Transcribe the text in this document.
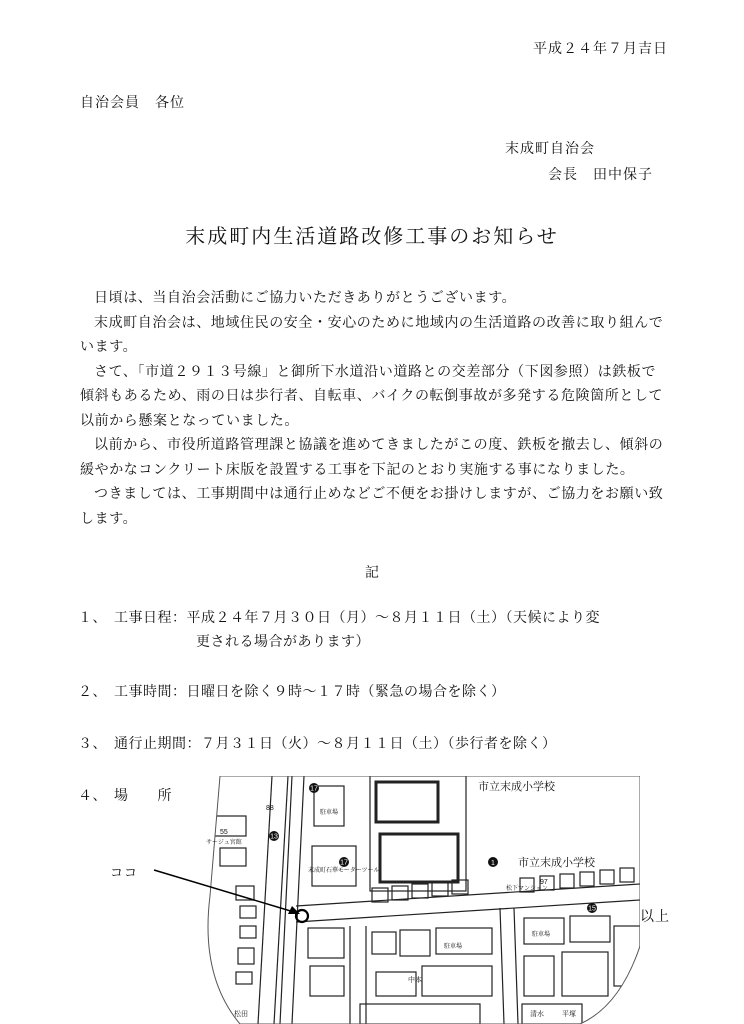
平成２４年７月吉日
自治会員　各位
末成町自治会
会長　田中保子
末成町内生活道路改修工事のお知らせ

日頃は、当自治会活動にご協力いただきありがとうございます。

末成町自治会は、地域住民の安全・安心のために地域内の生活道路の改善に取り組んでいます。

さて、「市道２９１３号線」と御所下水道沿い道路との交差部分（下図参照）は鉄板で傾斜もあるため、雨の日は歩行者、自転車、バイクの転倒事故が多発する危険箇所として以前から懸案となっていました。

以前から、市役所道路管理課と協議を進めてきましたがこの度、鉄板を撤去し、傾斜の緩やかなコンクリート床版を設置する工事を下記のとおり実施する事になりました。

つきましては、工事期間中は通行止めなどご不便をお掛けしますが、ご協力をお願い致します。

記
１、 工事日程：平成２４年７月３０日（月）～８月１１日（土）（天候により変
更される場合があります）
２、 工事時間：日曜日を除く９時～１７時（緊急の場合を除く）
３、 通行止期間：７月３１日（火）～８月１１日（土）（歩行者を除く）
４、 場　　所
ココ
1
市立末成小学校
市立末成小学校
サージュ宮館
松下マンション
末成町石華モーターツール
中本
清水	平塚
松田
駐車場
駐車場
駐車場
17
17
13
15
88
55
97
以上
